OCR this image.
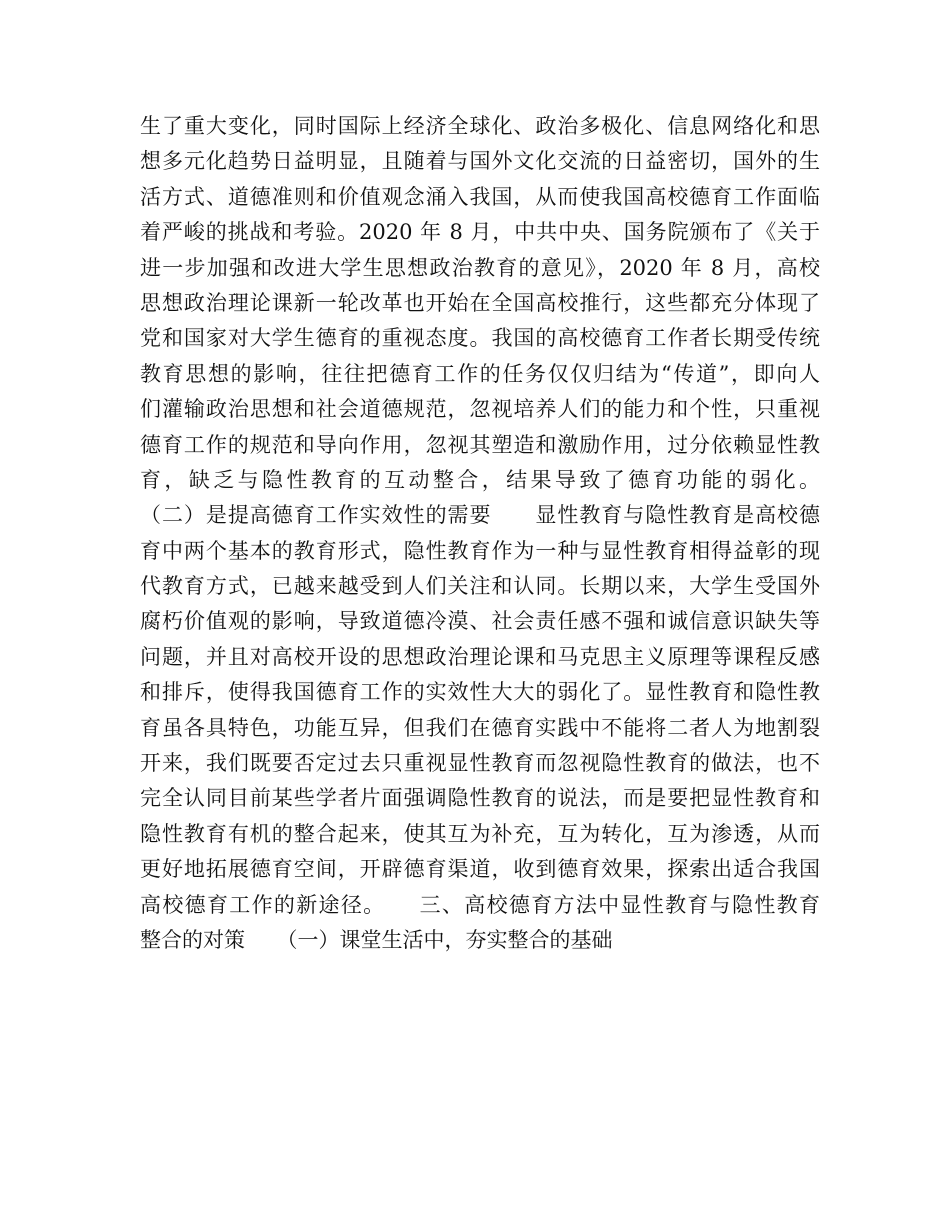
生了重大变化，同时国际上经济全球化、政治多极化、信息网络化和思
想多元化趋势日益明显，且随着与国外文化交流的日益密切，国外的生
活方式、道德准则和价值观念涌入我国，从而使我国高校德育工作面临
着严峻的挑战和考验。2020 年 8 月，中共中央、国务院颁布了《关于
进一步加强和改进大学生思想政治教育的意见》，2020 年 8 月，高校
思想政治理论课新一轮改革也开始在全国高校推行，这些都充分体现了
党和国家对大学生德育的重视态度。我国的高校德育工作者长期受传统
教育思想的影响，往往把德育工作的任务仅仅归结为“传道”，即向人
们灌输政治思想和社会道德规范，忽视培养人们的能力和个性，只重视
德育工作的规范和导向作用，忽视其塑造和激励作用，过分依赖显性教
育，缺乏与隐性教育的互动整合，结果导致了德育功能的弱化。
（二）是提高德育工作实效性的需要　　显性教育与隐性教育是高校德
育中两个基本的教育形式，隐性教育作为一种与显性教育相得益彰的现
代教育方式，已越来越受到人们关注和认同。长期以来，大学生受国外
腐朽价值观的影响，导致道德冷漠、社会责任感不强和诚信意识缺失等
问题，并且对高校开设的思想政治理论课和马克思主义原理等课程反感
和排斥，使得我国德育工作的实效性大大的弱化了。显性教育和隐性教
育虽各具特色，功能互异，但我们在德育实践中不能将二者人为地割裂
开来，我们既要否定过去只重视显性教育而忽视隐性教育的做法，也不
完全认同目前某些学者片面强调隐性教育的说法，而是要把显性教育和
隐性教育有机的整合起来，使其互为补充，互为转化，互为渗透，从而
更好地拓展德育空间，开辟德育渠道，收到德育效果，探索出适合我国
高校德育工作的新途径。　　三、高校德育方法中显性教育与隐性教育
整合的对策　　（一）课堂生活中，夯实整合的基础
